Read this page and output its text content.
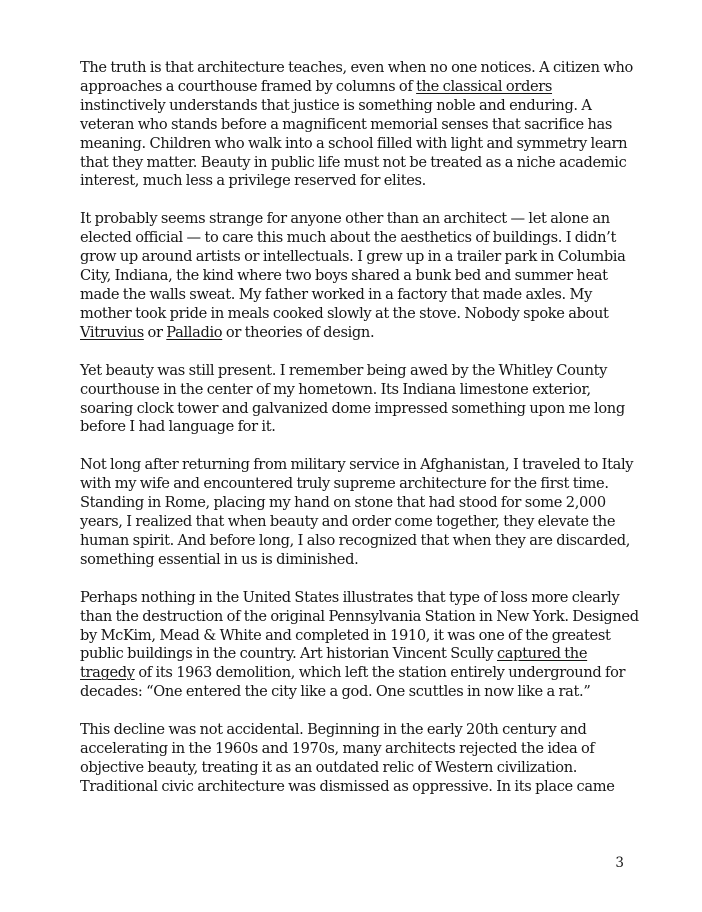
The truth is that architecture teaches, even when no one notices. A citizen who approaches a courthouse framed by columns of the classical orders instinctively understands that justice is something noble and enduring. A veteran who stands before a magnificent memorial senses that sacrifice has meaning. Children who walk into a school filled with light and symmetry learn that they matter. Beauty in public life must not be treated as a niche academic interest, much less a privilege reserved for elites.

It probably seems strange for anyone other than an architect — let alone an elected official — to care this much about the aesthetics of buildings. I didn’t grow up around artists or intellectuals. I grew up in a trailer park in Columbia City, Indiana, the kind where two boys shared a bunk bed and summer heat made the walls sweat. My father worked in a factory that made axles. My mother took pride in meals cooked slowly at the stove. Nobody spoke about Vitruvius or Palladio or theories of design.

Yet beauty was still present. I remember being awed by the Whitley County courthouse in the center of my hometown. Its Indiana limestone exterior, soaring clock tower and galvanized dome impressed something upon me long before I had language for it.

Not long after returning from military service in Afghanistan, I traveled to Italy with my wife and encountered truly supreme architecture for the first time. Standing in Rome, placing my hand on stone that had stood for some 2,000 years, I realized that when beauty and order come together, they elevate the human spirit. And before long, I also recognized that when they are discarded, something essential in us is diminished.

Perhaps nothing in the United States illustrates that type of loss more clearly than the destruction of the original Pennsylvania Station in New York. Designed by McKim, Mead & White and completed in 1910, it was one of the greatest public buildings in the country. Art historian Vincent Scully captured the tragedy of its 1963 demolition, which left the station entirely underground for decades: “One entered the city like a god. One scuttles in now like a rat.”

This decline was not accidental. Beginning in the early 20th century and accelerating in the 1960s and 1970s, many architects rejected the idea of objective beauty, treating it as an outdated relic of Western civilization. Traditional civic architecture was dismissed as oppressive. In its place came

3
